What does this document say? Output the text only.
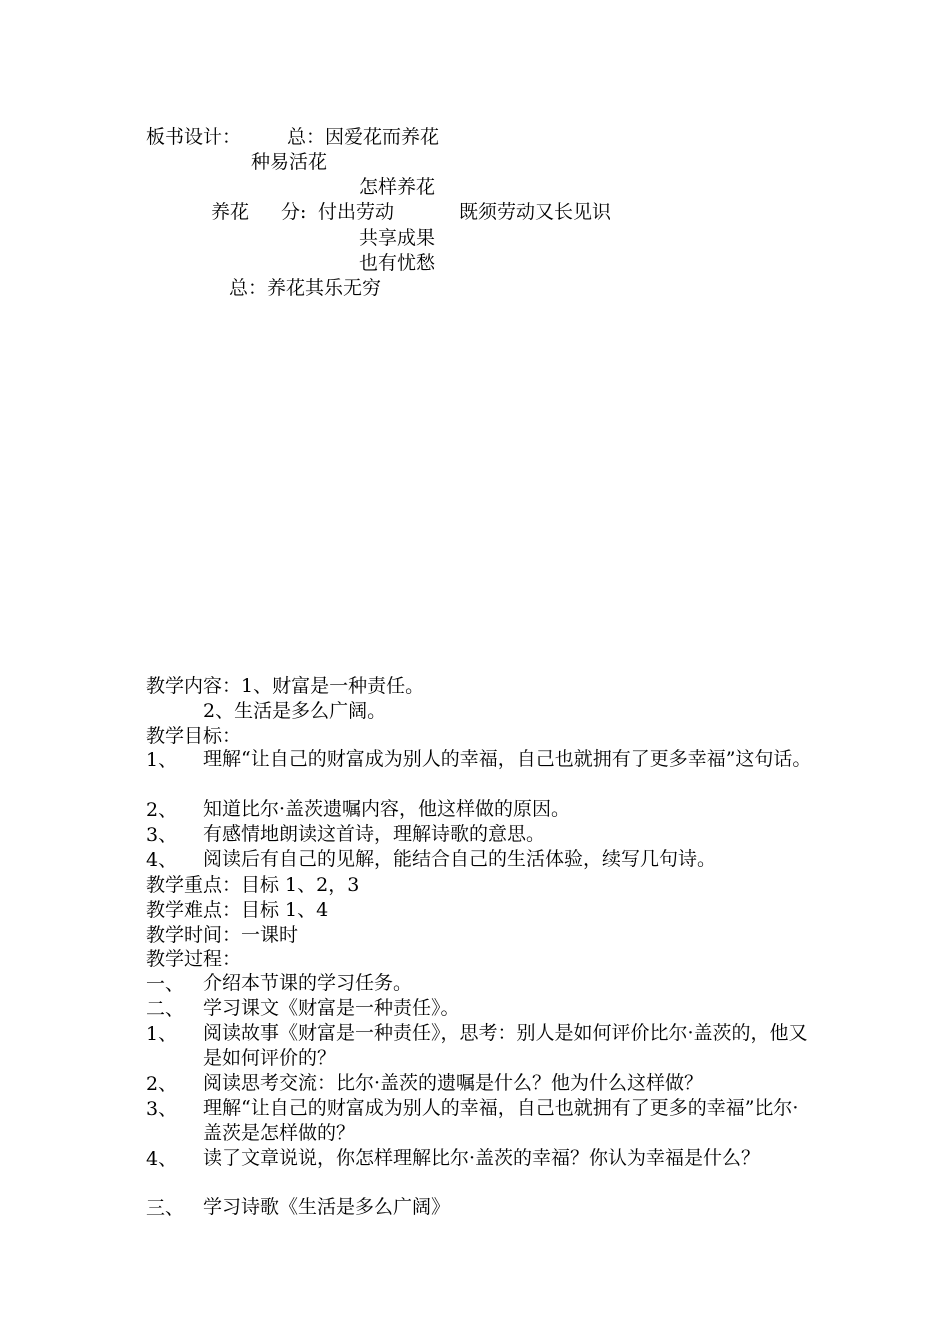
板书设计： 总：因爱花而养花
种易活花
怎样养花
养花 分: 付出劳动	既须劳动又长见识
共享成果
也有忧愁
总：养花其乐无穷
教学内容：1、财富是一种责任。
2、生活是多么广阔。
教学目标：
1、 理解“让自己的财富成为别人的幸福，自己也就拥有了更多幸福”这句话。
2、 知道比尔·盖茨遗嘱内容，他这样做的原因。
3、 有感情地朗读这首诗，理解诗歌的意思。
4、 阅读后有自己的见解，能结合自己的生活体验，续写几句诗。
教学重点：目标 1、2，3
教学难点：目标 1、4
教学时间：一课时
教学过程：
一、 介绍本节课的学习任务。
二、 学习课文《财富是一种责任》。
1、 阅读故事《财富是一种责任》，思考：别人是如何评价比尔·盖茨的，他又是如何评价的？
2、 阅读思考交流：比尔·盖茨的遗嘱是什么？他为什么这样做？
3、 理解“让自己的财富成为别人的幸福，自己也就拥有了更多的幸福”比尔·盖茨是怎样做的？
4、 读了文章说说，你怎样理解比尔·盖茨的幸福？你认为幸福是什么？
三、 学习诗歌《生活是多么广阔》
